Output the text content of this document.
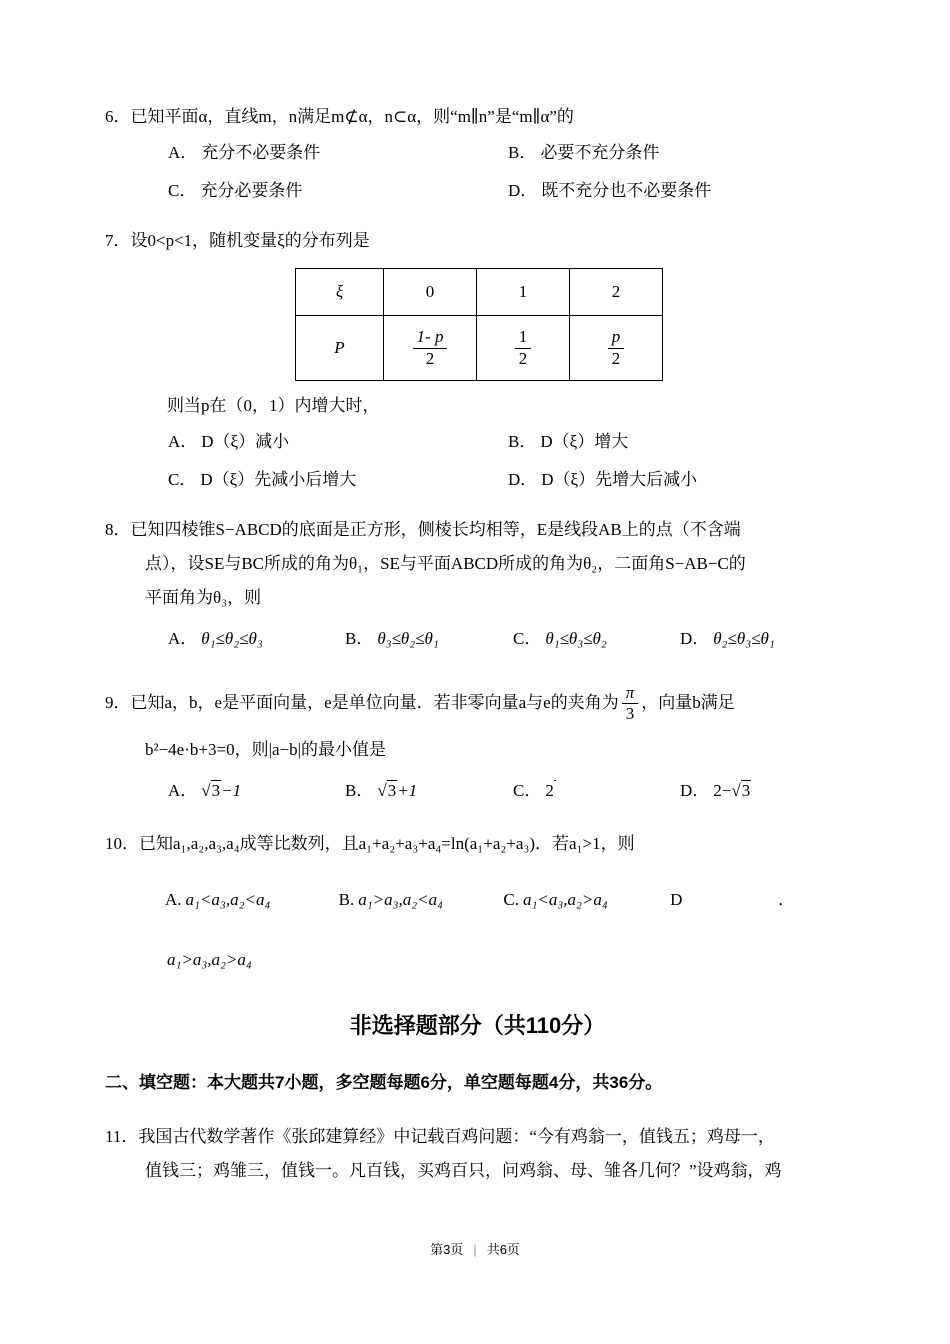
6．已知平面α，直线m，n满足m⊄α，n⊂α，则“m∥n”是“m∥α”的

A． 充分不必要条件	B． 必要不充分条件
C． 充分必要条件	D． 既不充分也不必要条件

7．设0<p<1，随机变量ξ的分布列是

ξ	0	1	2
P	$\frac{1- p}{2}$	$\frac{1}{2}$	$\frac{p}{2}$

则当p在（0，1）内增大时，

A． D（ξ）减小	B． D（ξ）增大
C． D（ξ）先减小后增大	D． D（ξ）先增大后减小

8．已知四棱锥S−ABCD的底面是正方形，侧棱长均相等，E是线段AB上的点（不含端

点），设SE与BC所成的角为θ₁，SE与平面ABCD所成的角为θ₂，二面角S−AB−C的

平面角为θ₃，则

A． θ₁≤θ₂≤θ₃	B． θ₃≤θ₂≤θ₁	C． θ₁≤θ₃≤θ₂	D． θ₂≤θ₃≤θ₁

9．已知a，b，e是平面向量，e是单位向量．若非零向量a与e的夹角为 $\frac{\pi}{3}$ ，向量b满足

b²−4e·b+3=0，则|a−b|的最小值是

A． √3−1	B． √3+1	C． 2	D． 2−√3

10．已知a₁,a₂,a₃,a₄成等比数列，且a₁+a₂+a₃+a₄=ln(a₁+a₂+a₃)．若a₁>1，则

A. a₁<a₃,a₂<a₄	B. a₁>a₃,a₂<a₄	C. a₁<a₃,a₂>a₄	D	．

a₁>a₃,a₂>a₄

非选择题部分（共110分）

二、填空题：本大题共7小题，多空题每题6分，单空题每题4分，共36分。

11．我国古代数学著作《张邱建算经》中记载百鸡问题：“今有鸡翁一，值钱五；鸡母一，

值钱三；鸡雏三，值钱一。凡百钱，买鸡百只，问鸡翁、母、雏各几何？”设鸡翁，鸡

第3页 | 共6页
